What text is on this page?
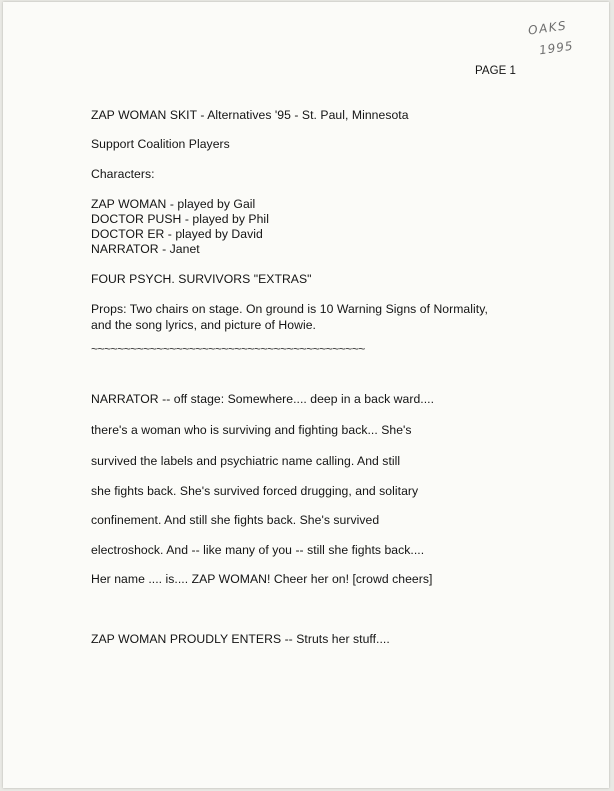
OAKS
1995
PAGE 1
ZAP WOMAN SKIT - Alternatives '95 - St. Paul, Minnesota
Support Coalition Players
Characters:
ZAP WOMAN - played by Gail
DOCTOR PUSH - played by Phil
DOCTOR ER - played by David
NARRATOR - Janet
FOUR PSYCH. SURVIVORS "EXTRAS"
Props: Two chairs on stage. On ground is 10 Warning Signs of Normality,
and the song lyrics, and picture of Howie.
~~~~~~~~~~~~~~~~~~~~~~~~~~~~~~~~~~~~~~~~~~
NARRATOR -- off stage: Somewhere.... deep in a back ward....
there's a woman who is surviving and fighting back... She's
survived the labels and psychiatric name calling. And still
she fights back. She's survived forced drugging, and solitary
confinement. And still she fights back. She's survived
electroshock. And -- like many of you -- still she fights back....
Her name .... is.... ZAP WOMAN! Cheer her on! [crowd cheers]
ZAP WOMAN PROUDLY ENTERS -- Struts her stuff....
